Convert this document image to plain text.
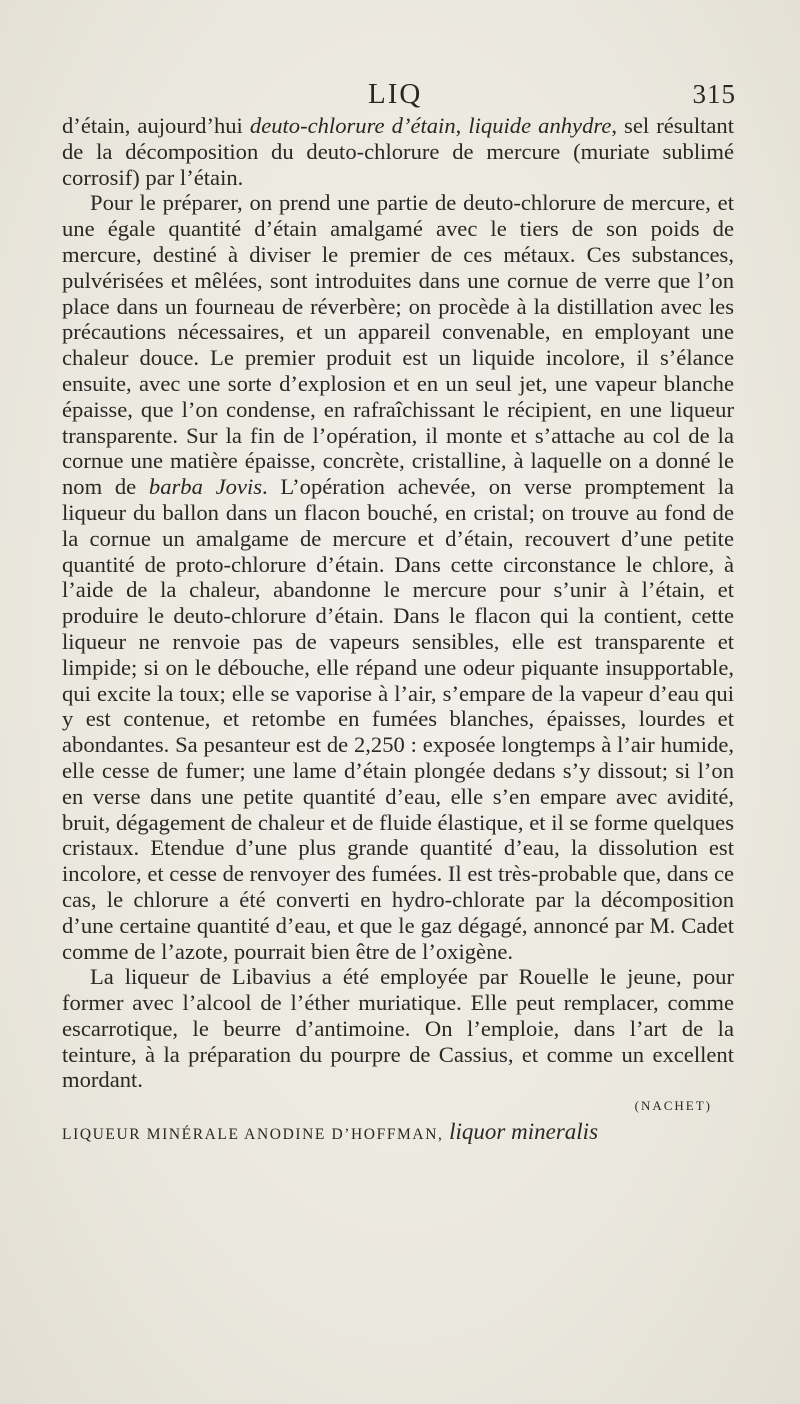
LIQ	315

d’étain, aujourd’hui deuto-chlorure d’étain, liquide anhydre, sel résultant de la décomposition du deuto-chlorure de mercure (muriate sublimé corrosif) par l’étain.

Pour le préparer, on prend une partie de deuto-chlorure de mercure, et une égale quantité d’étain amalgamé avec le tiers de son poids de mercure, destiné à diviser le premier de ces métaux. Ces substances, pulvérisées et mêlées, sont introduites dans une cornue de verre que l’on place dans un fourneau de réverbère; on procède à la distillation avec les précautions nécessaires, et un appareil convenable, en employant une chaleur douce. Le premier produit est un liquide incolore, il s’élance ensuite, avec une sorte d’explosion et en un seul jet, une vapeur blanche épaisse, que l’on condense, en rafraîchissant le récipient, en une liqueur transparente. Sur la fin de l’opération, il monte et s’attache au col de la cornue une matière épaisse, concrète, cristalline, à laquelle on a donné le nom de barba Jovis. L’opération achevée, on verse promptement la liqueur du ballon dans un flacon bouché, en cristal; on trouve au fond de la cornue un amalgame de mercure et d’étain, recouvert d’une petite quantité de proto-chlorure d’étain. Dans cette circonstance le chlore, à l’aide de la chaleur, abandonne le mercure pour s’unir à l’étain, et produire le deuto-chlorure d’étain. Dans le flacon qui la contient, cette liqueur ne renvoie pas de vapeurs sensibles, elle est transparente et limpide; si on le débouche, elle répand une odeur piquante insupportable, qui excite la toux; elle se vaporise à l’air, s’empare de la vapeur d’eau qui y est contenue, et retombe en fumées blanches, épaisses, lourdes et abondantes. Sa pesanteur est de 2,250 : exposée longtemps à l’air humide, elle cesse de fumer; une lame d’étain plongée dedans s’y dissout; si l’on en verse dans une petite quantité d’eau, elle s’en empare avec avidité, bruit, dégagement de chaleur et de fluide élastique, et il se forme quelques cristaux. Etendue d’une plus grande quantité d’eau, la dissolution est incolore, et cesse de renvoyer des fumées. Il est très-probable que, dans ce cas, le chlorure a été converti en hydro-chlorate par la décomposition d’une certaine quantité d’eau, et que le gaz dégagé, annoncé par M. Cadet comme de l’azote, pourrait bien être de l’oxigène.

La liqueur de Libavius a été employée par Rouelle le jeune, pour former avec l’alcool de l’éther muriatique. Elle peut remplacer, comme escarrotique, le beurre d’antimoine. On l’emploie, dans l’art de la teinture, à la préparation du pourpre de Cassius, et comme un excellent mordant.

(NACHET)
LIQUEUR MINÉRALE ANODINE D’HOFFMAN, liquor mineralis
